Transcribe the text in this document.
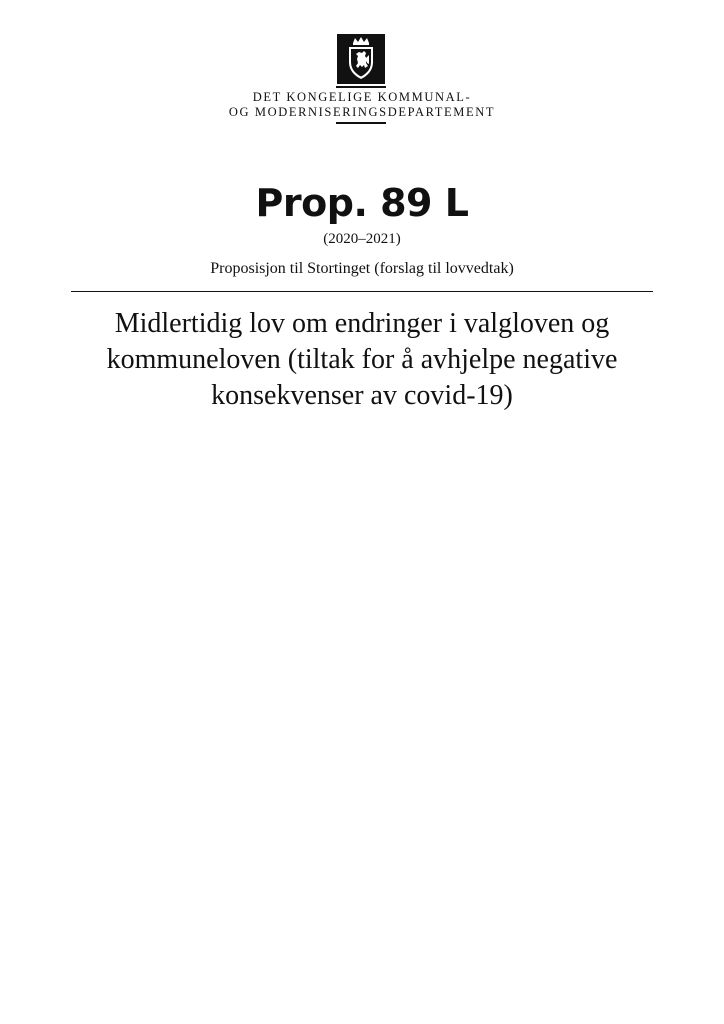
DET KONGELIGE KOMMUNAL-
OG MODERNISERINGSDEPARTEMENT
Prop. 89 L
(2020–2021)
Proposisjon til Stortinget (forslag til lovvedtak)
Midlertidig lov om endringer i valgloven og
kommuneloven (tiltak for å avhjelpe negative
konsekvenser av covid-19)
